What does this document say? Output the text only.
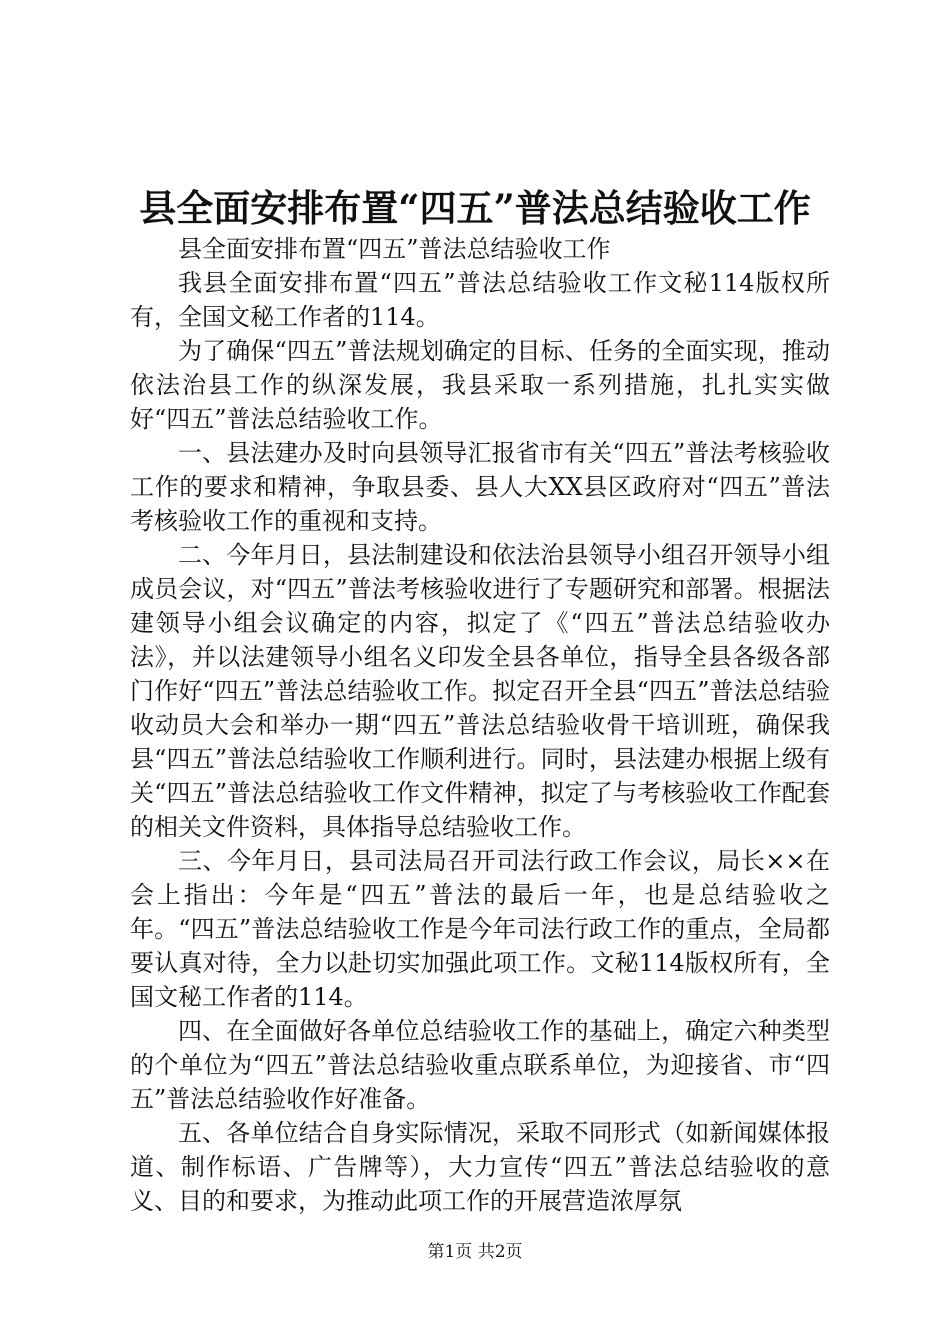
县全面安排布置“四五”普法总结验收工作

县全面安排布置“四五”普法总结验收工作

我县全面安排布置“四五”普法总结验收工作文秘114版权所有，全国文秘工作者的114。

为了确保“四五”普法规划确定的目标、任务的全面实现，推动依法治县工作的纵深发展，我县采取一系列措施，扎扎实实做好“四五”普法总结验收工作。

一、县法建办及时向县领导汇报省市有关“四五”普法考核验收工作的要求和精神，争取县委、县人大XX县区政府对“四五”普法考核验收工作的重视和支持。

二、今年月日，县法制建设和依法治县领导小组召开领导小组成员会议，对“四五”普法考核验收进行了专题研究和部署。根据法建领导小组会议确定的内容，拟定了《“四五”普法总结验收办法》，并以法建领导小组名义印发全县各单位，指导全县各级各部门作好“四五”普法总结验收工作。拟定召开全县“四五”普法总结验收动员大会和举办一期“四五”普法总结验收骨干培训班，确保我县“四五”普法总结验收工作顺利进行。同时，县法建办根据上级有关“四五”普法总结验收工作文件精神，拟定了与考核验收工作配套的相关文件资料，具体指导总结验收工作。

三、今年月日，县司法局召开司法行政工作会议，局长××在会上指出：今年是“四五”普法的最后一年，也是总结验收之年。“四五”普法总结验收工作是今年司法行政工作的重点，全局都要认真对待，全力以赴切实加强此项工作。文秘114版权所有，全国文秘工作者的114。

四、在全面做好各单位总结验收工作的基础上，确定六种类型的个单位为“四五”普法总结验收重点联系单位，为迎接省、市“四五”普法总结验收作好准备。

五、各单位结合自身实际情况，采取不同形式（如新闻媒体报道、制作标语、广告牌等），大力宣传“四五”普法总结验收的意义、目的和要求，为推动此项工作的开展营造浓厚氛

第1页 共2页
